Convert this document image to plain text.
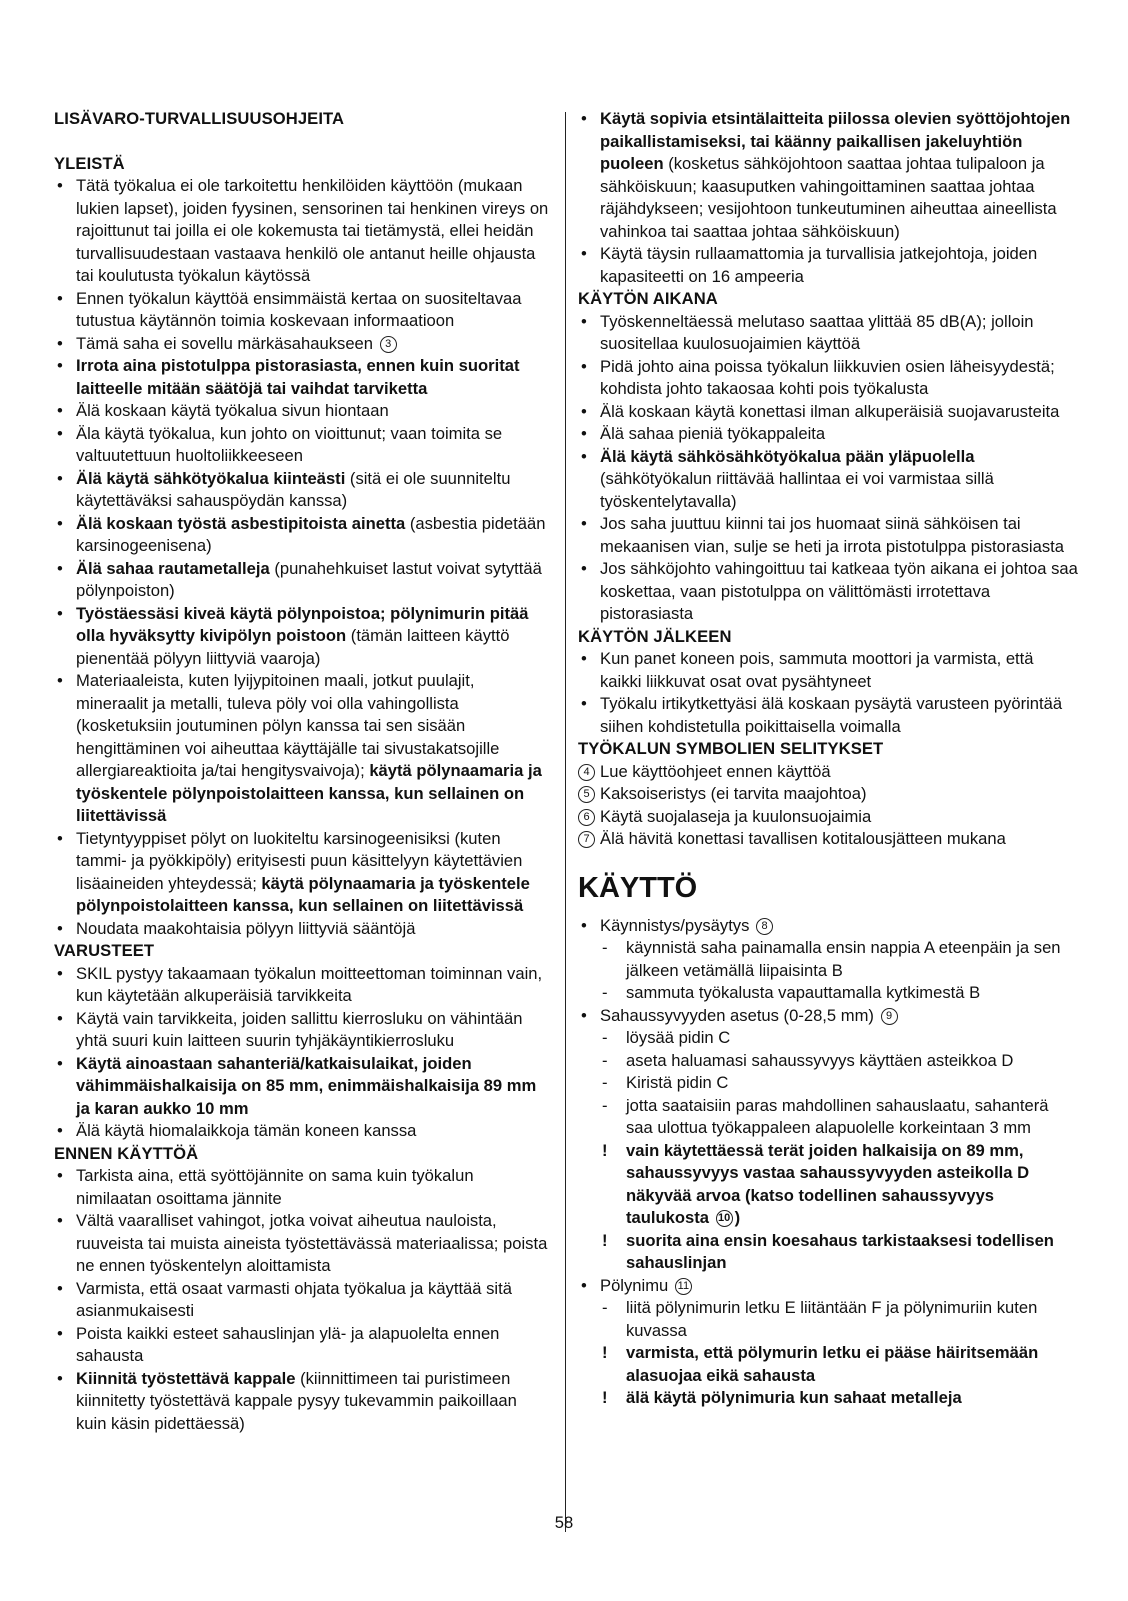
LISÄVARO-TURVALLISUUSOHJEITA
YLEISTÄ
• Tätä työkalua ei ole tarkoitettu henkilöiden käyttöön (mukaan lukien lapset), joiden fyysinen, sensorinen tai henkinen vireys on rajoittunut tai joilla ei ole kokemusta tai tietämystä, ellei heidän turvallisuudestaan vastaava henkilö ole antanut heille ohjausta tai koulutusta työkalun käytössä
• Ennen työkalun käyttöä ensimmäistä kertaa on suositeltavaa tutustua käytännön toimia koskevaan informaatioon
• Tämä saha ei sovellu märkäsahaukseen 3
• Irrota aina pistotulppa pistorasiasta, ennen kuin suoritat laitteelle mitään säätöjä tai vaihdat tarviketta
• Älä koskaan käytä työkalua sivun hiontaan
• Äla käytä työkalua, kun johto on vioittunut; vaan toimita se valtuutettuun huoltoliikkeeseen
• Älä käytä sähkötyökalua kiinteästi (sitä ei ole suunniteltu käytettäväksi sahauspöydän kanssa)
• Älä koskaan työstä asbestipitoista ainetta (asbestia pidetään karsinogeenisena)
• Älä sahaa rautametalleja (punahehkuiset lastut voivat sytyttää pölynpoiston)
• Työstäessäsi kiveä käytä pölynpoistoa; pölynimurin pitää olla hyväksytty kivipölyn poistoon (tämän laitteen käyttö pienentää pölyyn liittyviä vaaroja)
• Materiaaleista, kuten lyijypitoinen maali, jotkut puulajit, mineraalit ja metalli, tuleva pöly voi olla vahingollista (kosketuksiin joutuminen pölyn kanssa tai sen sisään hengittäminen voi aiheuttaa käyttäjälle tai sivustakatsojille allergiareaktioita ja/tai hengitysvaivoja); käytä pölynaamaria ja työskentele pölynpoistolaitteen kanssa, kun sellainen on liitettävissä
• Tietyntyyppiset pölyt on luokiteltu karsinogeenisiksi (kuten tammi- ja pyökkipöly) erityisesti puun käsittelyyn käytettävien lisäaineiden yhteydessä; käytä pölynaamaria ja työskentele pölynpoistolaitteen kanssa, kun sellainen on liitettävissä
• Noudata maakohtaisia pölyyn liittyviä sääntöjä
VARUSTEET
• SKIL pystyy takaamaan työkalun moitteettoman toiminnan vain, kun käytetään alkuperäisiä tarvikkeita
• Käytä vain tarvikkeita, joiden sallittu kierrosluku on vähintään yhtä suuri kuin laitteen suurin tyhjäkäyntikierrosluku
• Käytä ainoastaan sahanteriä/katkaisulaikat, joiden vähimmäishalkaisija on 85 mm, enimmäishalkaisija 89 mm ja karan aukko 10 mm
• Älä käytä hiomalaikkoja tämän koneen kanssa
ENNEN KÄYTTÖÄ
• Tarkista aina, että syöttöjännite on sama kuin työkalun nimilaatan osoittama jännite
• Vältä vaaralliset vahingot, jotka voivat aiheutua nauloista, ruuveista tai muista aineista työstettävässä materiaalissa; poista ne ennen työskentelyn aloittamista
• Varmista, että osaat varmasti ohjata työkalua ja käyttää sitä asianmukaisesti
• Poista kaikki esteet sahauslinjan ylä- ja alapuolelta ennen sahausta
• Kiinnitä työstettävä kappale (kiinnittimeen tai puristimeen kiinnitetty työstettävä kappale pysyy tukevammin paikoillaan kuin käsin pidettäessä)
• Käytä sopivia etsintälaitteita piilossa olevien syöttöjohtojen paikallistamiseksi, tai käänny paikallisen jakeluyhtiön puoleen (kosketus sähköjohtoon saattaa johtaa tulipaloon ja sähköiskuun; kaasuputken vahingoittaminen saattaa johtaa räjähdykseen; vesijohtoon tunkeutuminen aiheuttaa aineellista vahinkoa tai saattaa johtaa sähköiskuun)
• Käytä täysin rullaamattomia ja turvallisia jatkejohtoja, joiden kapasiteetti on 16 ampeeria
KÄYTÖN AIKANA
• Työskenneltäessä melutaso saattaa ylittää 85 dB(A); jolloin suositellaa kuulosuojaimien käyttöä
• Pidä johto aina poissa työkalun liikkuvien osien läheisyydestä; kohdista johto takaosaa kohti pois työkalusta
• Älä koskaan käytä konettasi ilman alkuperäisiä suojavarusteita
• Älä sahaa pieniä työkappaleita
• Älä käytä sähkösähkötyökalua pään yläpuolella (sähkötyökalun riittävää hallintaa ei voi varmistaa sillä työskentelytavalla)
• Jos saha juuttuu kiinni tai jos huomaat siinä sähköisen tai mekaanisen vian, sulje se heti ja irrota pistotulppa pistorasiasta
• Jos sähköjohto vahingoittuu tai katkeaa työn aikana ei johtoa saa koskettaa, vaan pistotulppa on välittömästi irrotettava pistorasiasta
KÄYTÖN JÄLKEEN
• Kun panet koneen pois, sammuta moottori ja varmista, että kaikki liikkuvat osat ovat pysähtyneet
• Työkalu irtikytkettyäsi älä koskaan pysäytä varusteen pyörintää siihen kohdistetulla poikittaisella voimalla
TYÖKALUN SYMBOLIEN SELITYKSET
4 Lue käyttöohjeet ennen käyttöä
5 Kaksoiseristys (ei tarvita maajohtoa)
6 Käytä suojalaseja ja kuulonsuojaimia
7 Älä hävitä konettasi tavallisen kotitalousjätteen mukana
KÄYTTÖ
• Käynnistys/pysäytys 8
- käynnistä saha painamalla ensin nappia A eteenpäin ja sen jälkeen vetämällä liipaisinta B
- sammuta työkalusta vapauttamalla kytkimestä B
• Sahaussyvyyden asetus (0-28,5 mm) 9
- löysää pidin C
- aseta haluamasi sahaussyvyys käyttäen asteikkoa D
- Kiristä pidin C
- jotta saataisiin paras mahdollinen sahauslaatu, sahanterä saa ulottua työkappaleen alapuolelle korkeintaan 3 mm
! vain käytettäessä terät joiden halkaisija on 89 mm, sahaussyvyys vastaa sahaussyvyyden asteikolla D näkyvää arvoa (katso todellinen sahaussyvyys taulukosta 10 )
! suorita aina ensin koesahaus tarkistaaksesi todellisen sahauslinjan
• Pölynimu 11
- liitä pölynimurin letku E liitäntään F ja pölynimuriin kuten kuvassa
! varmista, että pölymurin letku ei pääse häiritsemään alasuojaa eikä sahausta
! älä käytä pölynimuria kun sahaat metalleja
58
